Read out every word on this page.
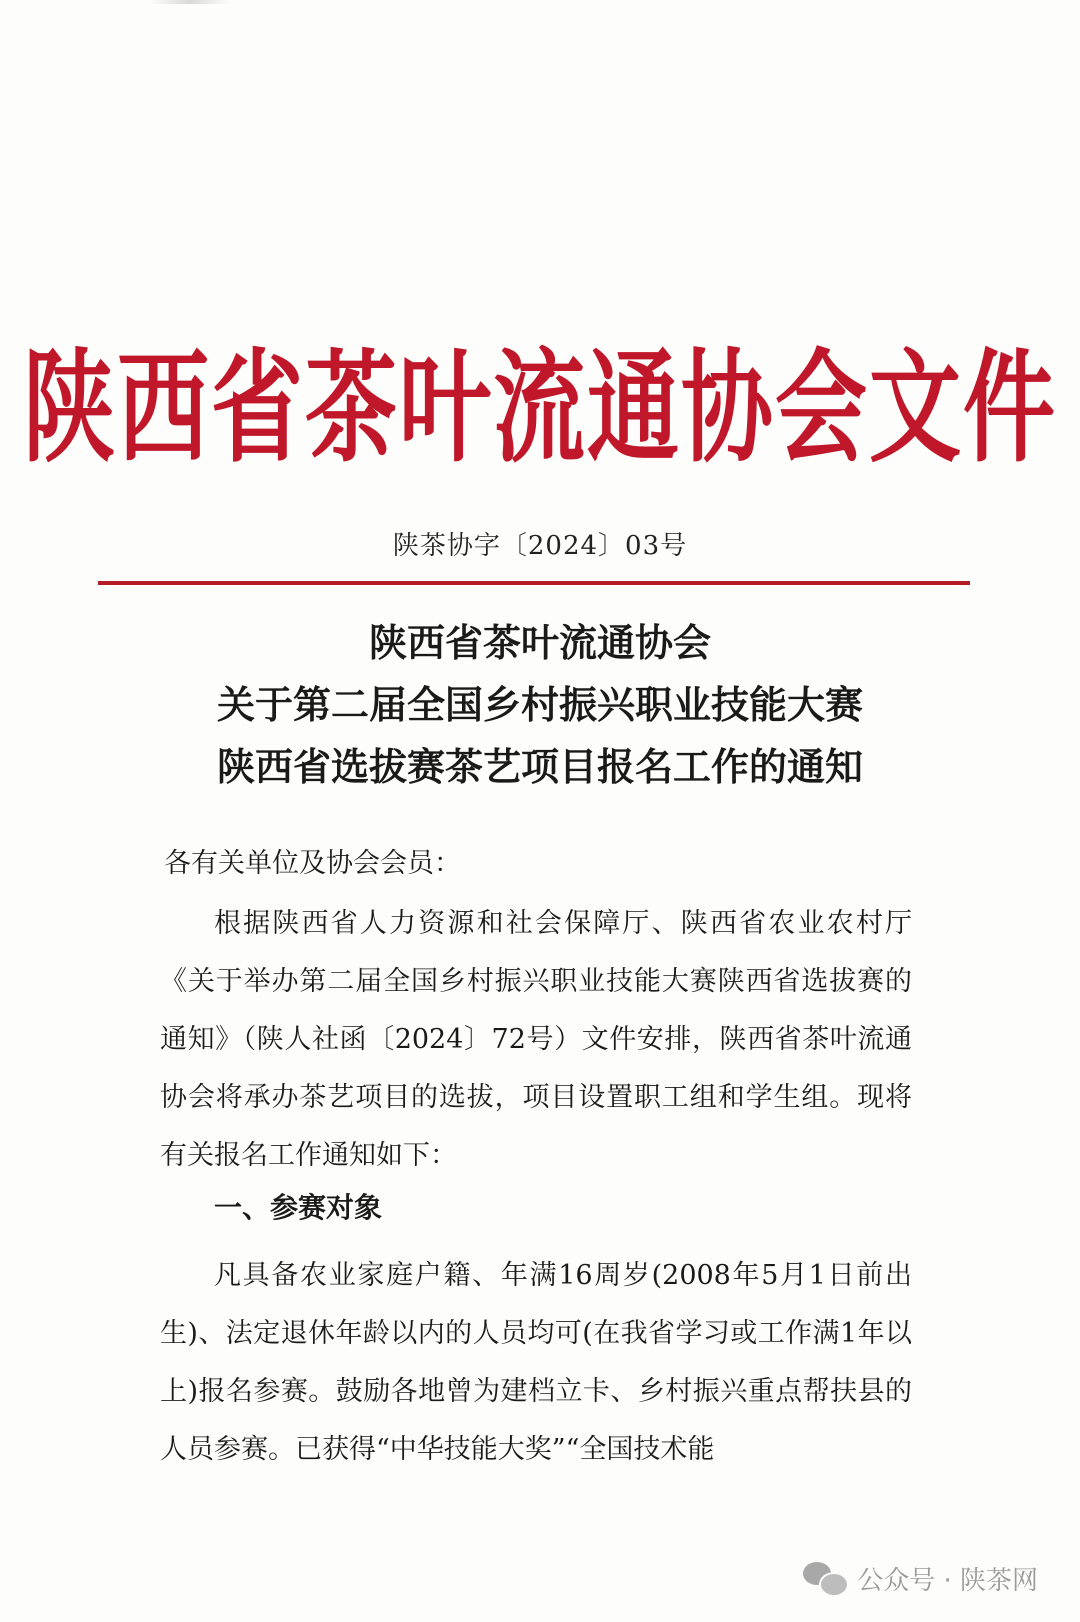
陕西省茶叶流通协会文件
陕茶协字〔2024〕03号
陕西省茶叶流通协会
关于第二届全国乡村振兴职业技能大赛
陕西省选拔赛茶艺项目报名工作的通知
各有关单位及协会会员：
根据陕西省人力资源和社会保障厅、陕西省农业农村厅《关于举办第二届全国乡村振兴职业技能大赛陕西省选拔赛的通知》（陕人社函〔2024〕72号）文件安排，陕西省茶叶流通协会将承办茶艺项目的选拔，项目设置职工组和学生组。现将有关报名工作通知如下：
一、参赛对象
凡具备农业家庭户籍、年满16周岁(2008年5月1日前出生)、法定退休年龄以内的人员均可(在我省学习或工作满1年以上)报名参赛。鼓励各地曾为建档立卡、乡村振兴重点帮扶县的人员参赛。已获得“中华技能大奖”“全国技术能
公众号 · 陕茶网
